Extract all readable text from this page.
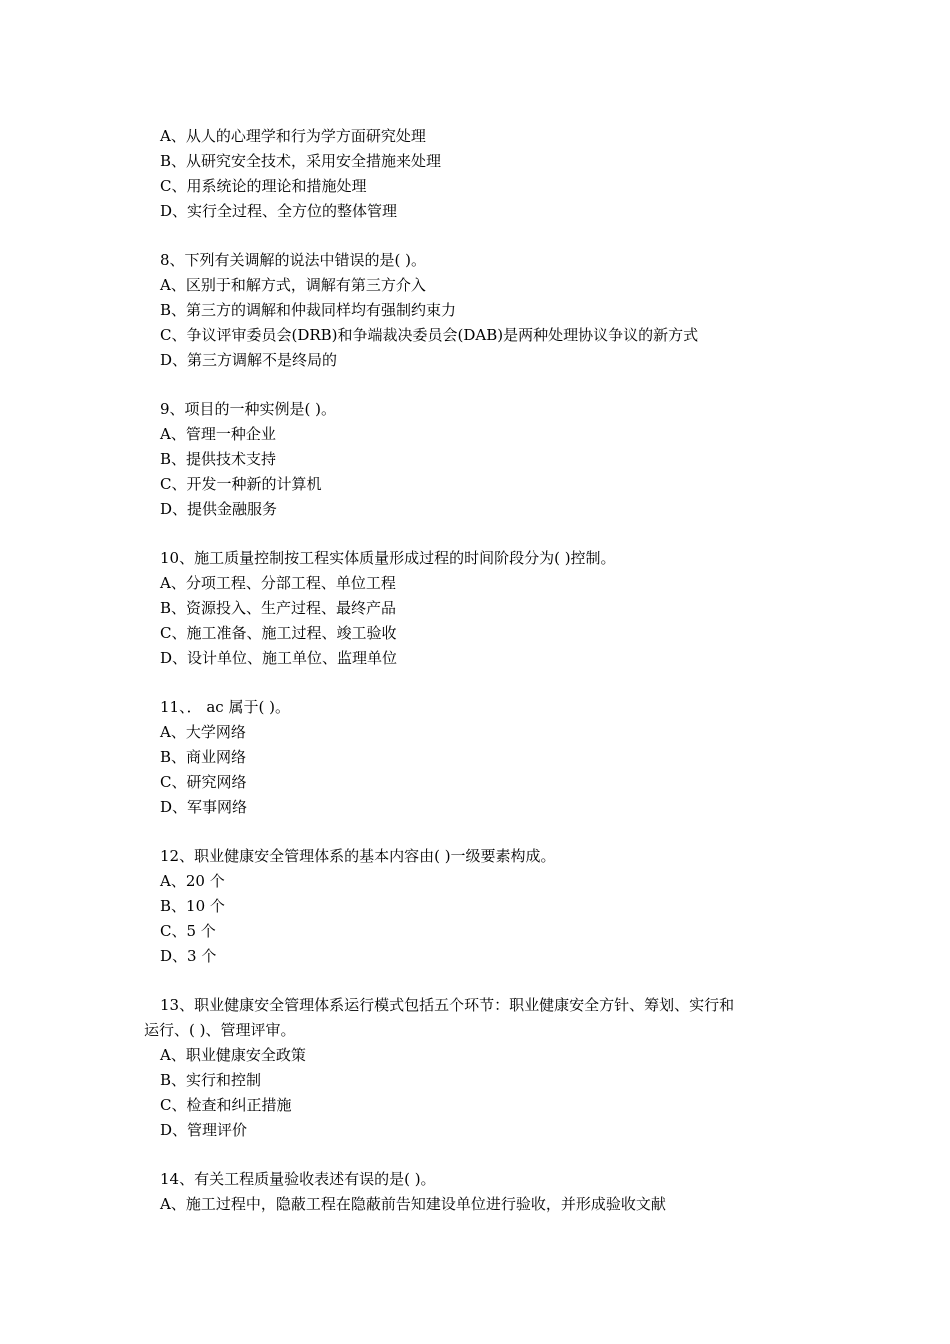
A、从人的心理学和行为学方面研究处理
B、从研究安全技术，采用安全措施来处理
C、用系统论的理论和措施处理
D、实行全过程、全方位的整体管理
8、下列有关调解的说法中错误的是( )。
A、区别于和解方式，调解有第三方介入
B、第三方的调解和仲裁同样均有强制约束力
C、争议评审委员会(DRB)和争端裁决委员会(DAB)是两种处理协议争议的新方式
D、第三方调解不是终局的
9、项目的一种实例是( )。
A、管理一种企业
B、提供技术支持
C、开发一种新的计算机
D、提供金融服务
10、施工质量控制按工程实体质量形成过程的时间阶段分为( )控制。
A、分项工程、分部工程、单位工程
B、资源投入、生产过程、最终产品
C、施工准备、施工过程、竣工验收
D、设计单位、施工单位、监理单位
11、． ac 属于( )。
A、大学网络
B、商业网络
C、研究网络
D、军事网络
12、职业健康安全管理体系的基本内容由( )一级要素构成。
A、20 个
B、10 个
C、5 个
D、3 个
13、职业健康安全管理体系运行模式包括五个环节：职业健康安全方针、筹划、实行和
运行、( )、管理评审。
A、职业健康安全政策
B、实行和控制
C、检查和纠正措施
D、管理评价
14、有关工程质量验收表述有误的是( )。
A、施工过程中，隐蔽工程在隐蔽前告知建设单位进行验收，并形成验收文献
